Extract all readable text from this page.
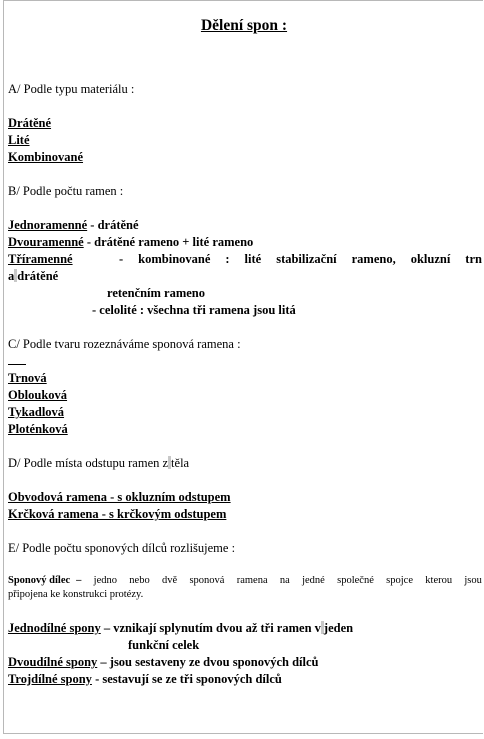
Dělení spon :
A/ Podle typu materiálu :
Drátěné
Lité
Kombinované
B/ Podle počtu ramen :
Jednoramenné - drátěné
Dvouramenné - drátěné rameno + lité rameno
Tříramenné	- kombinované : lité stabilizační rameno, okluzní trn
a drátěné
retenčním rameno
- celolité : všechna tři ramena jsou litá
C/ Podle tvaru rozeznáváme sponová ramena :
Trnová
Oblouková
Tykadlová
Ploténková
D/ Podle místa odstupu ramen z těla
Obvodová ramena - s okluzním odstupem
Krčková ramena - s krčkovým odstupem
E/ Podle počtu sponových dílců rozlišujeme :
Sponový dílec – jedno nebo dvě sponová ramena na jedné společné spojce kterou jsou
připojena ke konstrukci protézy.
Jednodílné spony – vznikají splynutím dvou až tři ramen v jeden
funkční celek
Dvoudílné spony – jsou sestaveny ze dvou sponových dílců
Trojdílné spony - sestavují se ze tři sponových dílců
